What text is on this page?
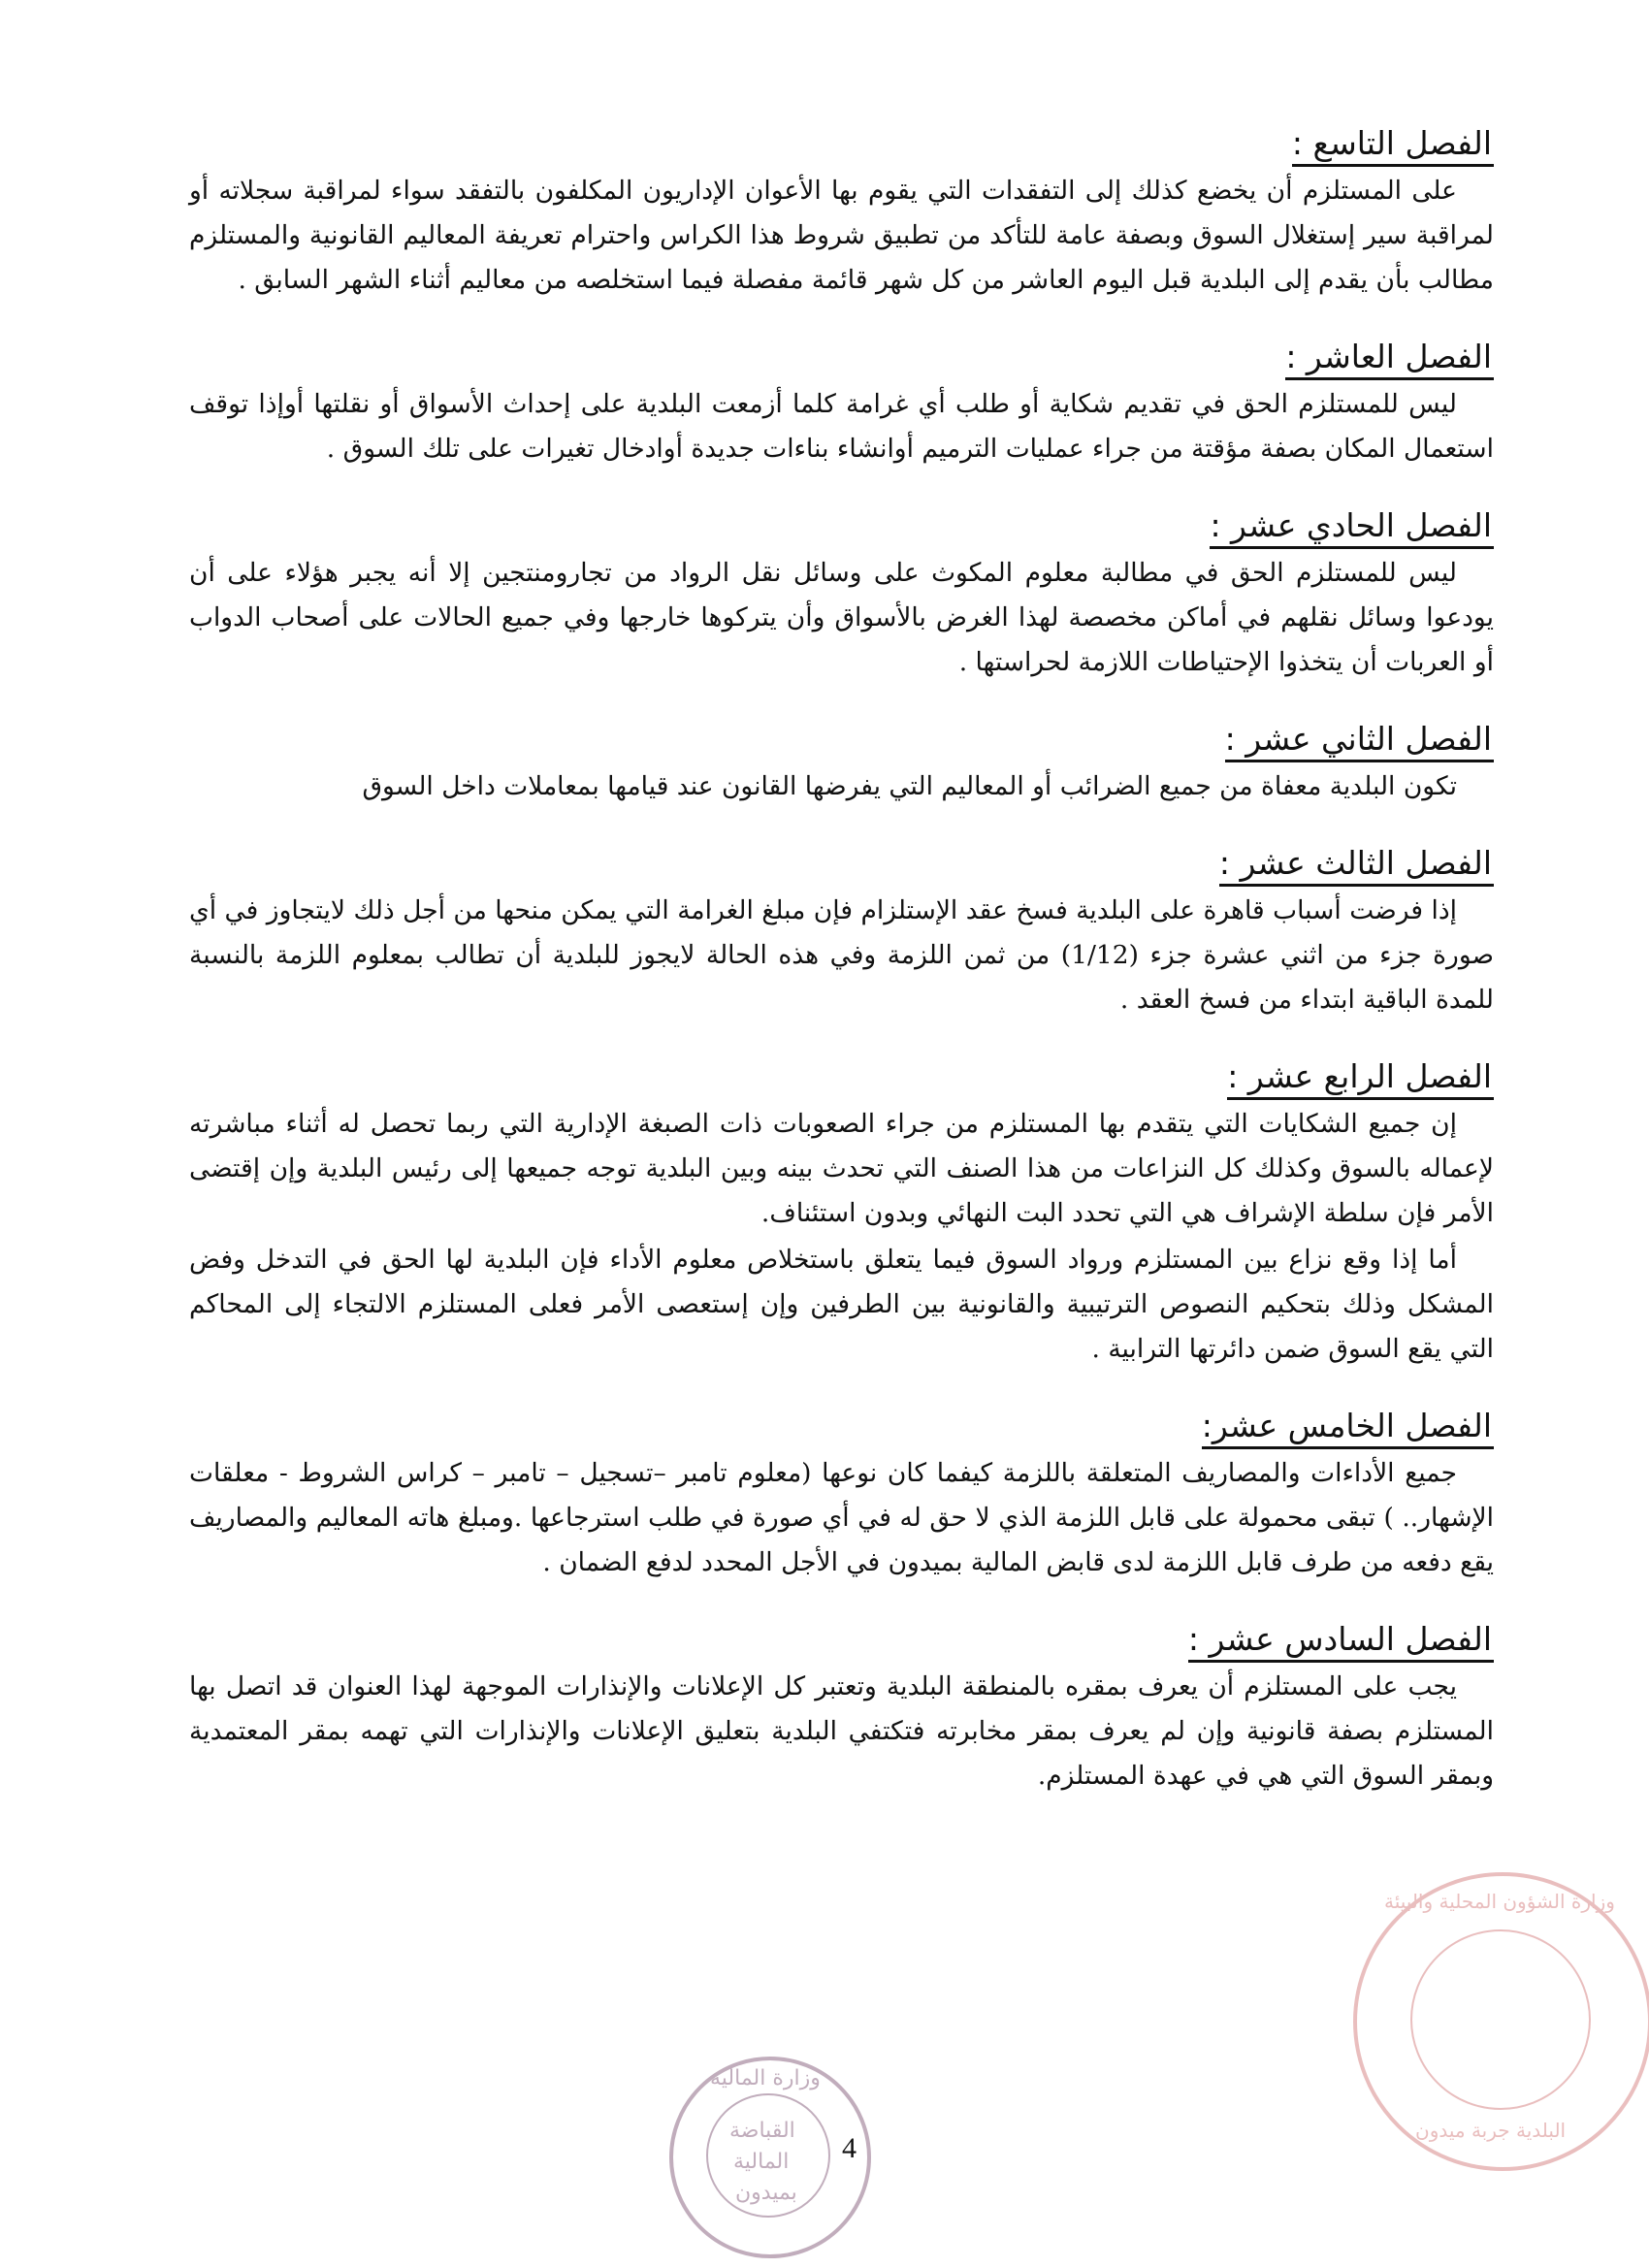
الفصل التاسع :

على المستلزم أن يخضع كذلك إلى التفقدات التي يقوم بها الأعوان الإداريون المكلفون بالتفقد سواء لمراقبة سجلاته أو لمراقبة سير إستغلال السوق وبصفة عامة للتأكد من تطبيق شروط هذا الكراس واحترام تعريفة المعاليم القانونية والمستلزم مطالب بأن يقدم إلى البلدية قبل اليوم العاشر من كل شهر قائمة مفصلة فيما استخلصه من معاليم أثناء الشهر السابق .

الفصل العاشر :

ليس للمستلزم الحق في تقديم شكاية أو طلب أي غرامة كلما أزمعت البلدية على إحداث الأسواق أو نقلتها أوإذا توقف استعمال المكان بصفة مؤقتة من جراء عمليات الترميم أوانشاء بناءات جديدة أوادخال تغيرات على تلك السوق .

الفصل الحادي عشر :

ليس للمستلزم الحق في مطالبة معلوم المكوث على وسائل نقل الرواد من تجارومنتجين إلا أنه يجبر هؤلاء على أن يودعوا وسائل نقلهم في أماكن مخصصة لهذا الغرض بالأسواق وأن يتركوها خارجها وفي جميع الحالات على أصحاب الدواب أو العربات أن يتخذوا الإحتياطات اللازمة لحراستها .

الفصل الثاني عشر :

تكون البلدية معفاة من جميع الضرائب أو المعاليم التي يفرضها القانون عند قيامها بمعاملات داخل السوق

الفصل الثالث عشر :

إذا فرضت أسباب قاهرة على البلدية فسخ عقد الإستلزام فإن مبلغ الغرامة التي يمكن منحها من أجل ذلك لايتجاوز في أي صورة جزء من اثني عشرة جزء (1/12) من ثمن اللزمة وفي هذه الحالة لايجوز للبلدية أن تطالب بمعلوم اللزمة بالنسبة للمدة الباقية ابتداء من فسخ العقد .

الفصل الرابع عشر :

إن جميع الشكايات التي يتقدم بها المستلزم من جراء الصعوبات ذات الصبغة الإدارية التي ربما تحصل له أثناء مباشرته لإعماله بالسوق وكذلك كل النزاعات من هذا الصنف التي تحدث بينه وبين البلدية توجه جميعها إلى رئيس البلدية وإن إقتضى الأمر فإن سلطة الإشراف هي التي تحدد البت النهائي وبدون استئناف.

أما إذا وقع نزاع بين المستلزم ورواد السوق فيما يتعلق باستخلاص معلوم الأداء فإن البلدية لها الحق في التدخل وفض المشكل وذلك بتحكيم النصوص الترتيبية والقانونية بين الطرفين وإن إستعصى الأمر فعلى المستلزم الالتجاء إلى المحاكم التي يقع السوق ضمن دائرتها الترابية .

الفصل الخامس عشر:

جميع الأداءات والمصاريف المتعلقة باللزمة كيفما كان نوعها (معلوم تامبر –تسجيل – تامبر – كراس الشروط - معلقات الإشهار.. ) تبقى محمولة على قابل اللزمة الذي لا حق له في أي صورة في طلب استرجاعها .ومبلغ هاته المعاليم والمصاريف يقع دفعه من طرف قابل اللزمة لدى قابض المالية بميدون في الأجل المحدد لدفع الضمان .

الفصل السادس عشر :

يجب على المستلزم أن يعرف بمقره بالمنطقة البلدية وتعتبر كل الإعلانات والإنذارات الموجهة لهذا العنوان قد اتصل بها المستلزم بصفة قانونية وإن لم يعرف بمقر مخابرته فتكتفي البلدية بتعليق الإعلانات والإنذارات التي تهمه بمقر المعتمدية وبمقر السوق التي هي في عهدة المستلزم.

وزارة المالية
القباضة
المالية
بميدون
وزارة الشؤون المحلية والبيئة
البلدية جربة ميدون
4
